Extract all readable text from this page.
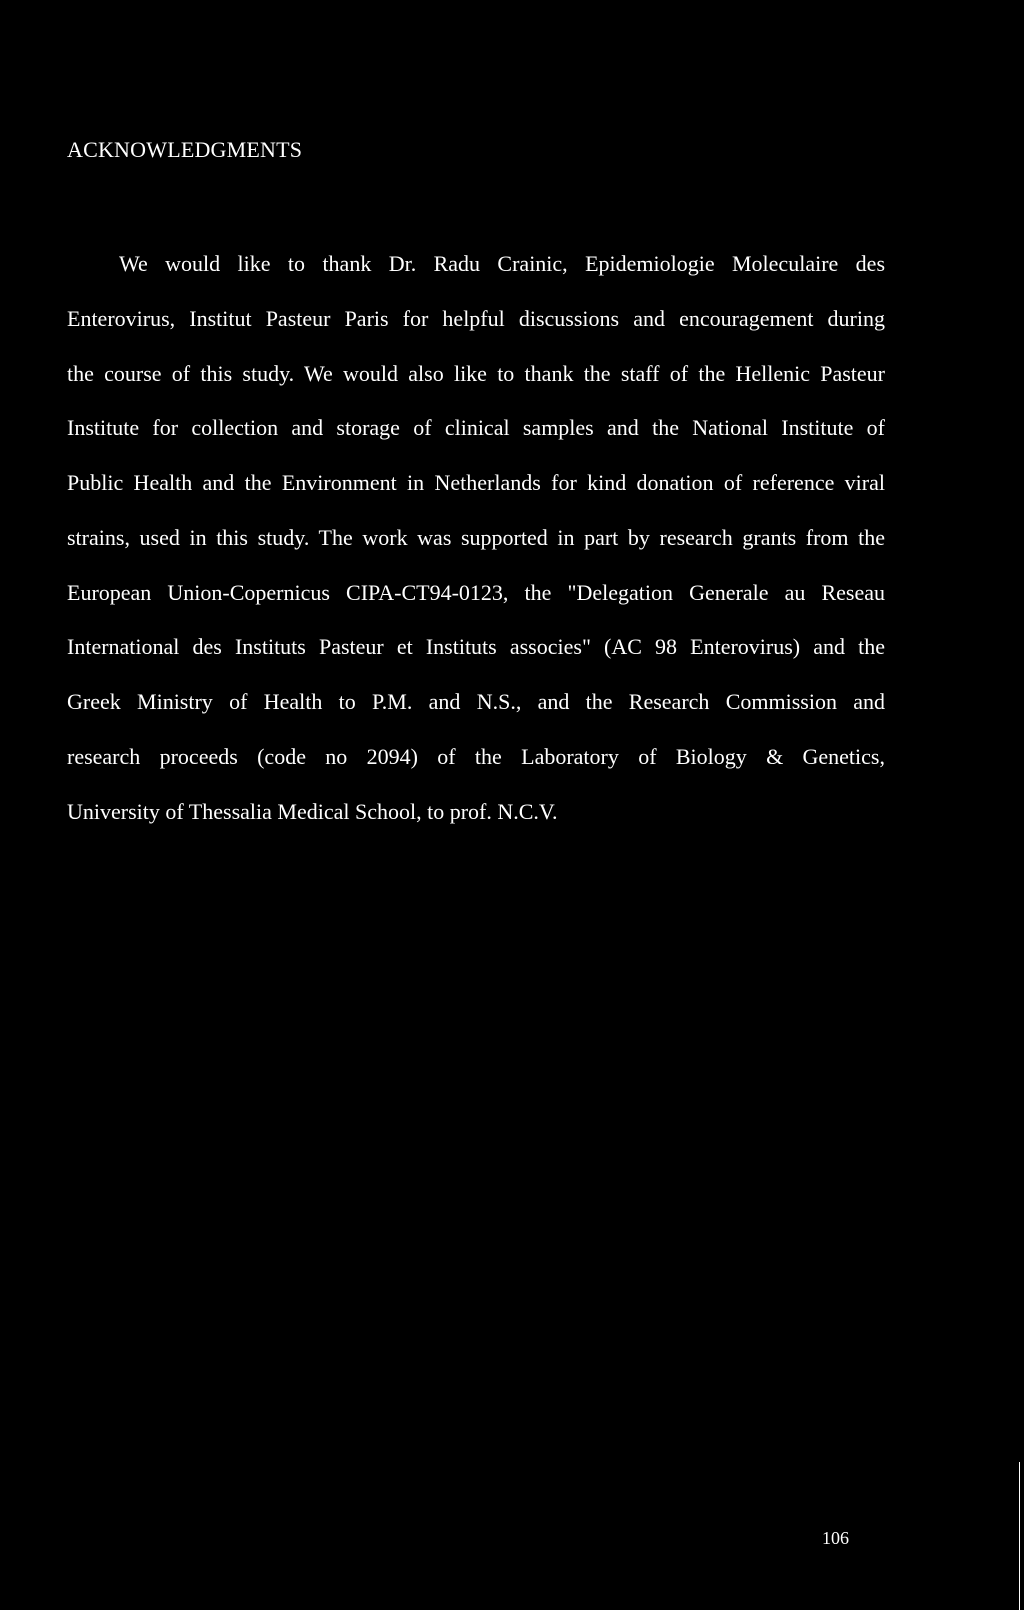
ACKNOWLEDGMENTS

We would like to thank Dr. Radu Crainic, Epidemiologie Moleculaire des

Enterovirus, Institut Pasteur Paris for helpful discussions and encouragement during

the course of this study. We would also like to thank the staff of the Hellenic Pasteur

Institute for collection and storage of clinical samples and the National Institute of

Public Health and the Environment in Netherlands for kind donation of reference viral

strains, used in this study. The work was supported in part by research grants from the

European Union-Copernicus CIPA-CT94-0123, the "Delegation Generale au Reseau

International des Instituts Pasteur et Instituts associes" (AC 98 Enterovirus) and the

Greek Ministry of Health to P.M. and N.S., and the Research Commission and

research proceeds (code no 2094) of the Laboratory of Biology & Genetics,

University of Thessalia Medical School, to prof. N.C.V.

106
